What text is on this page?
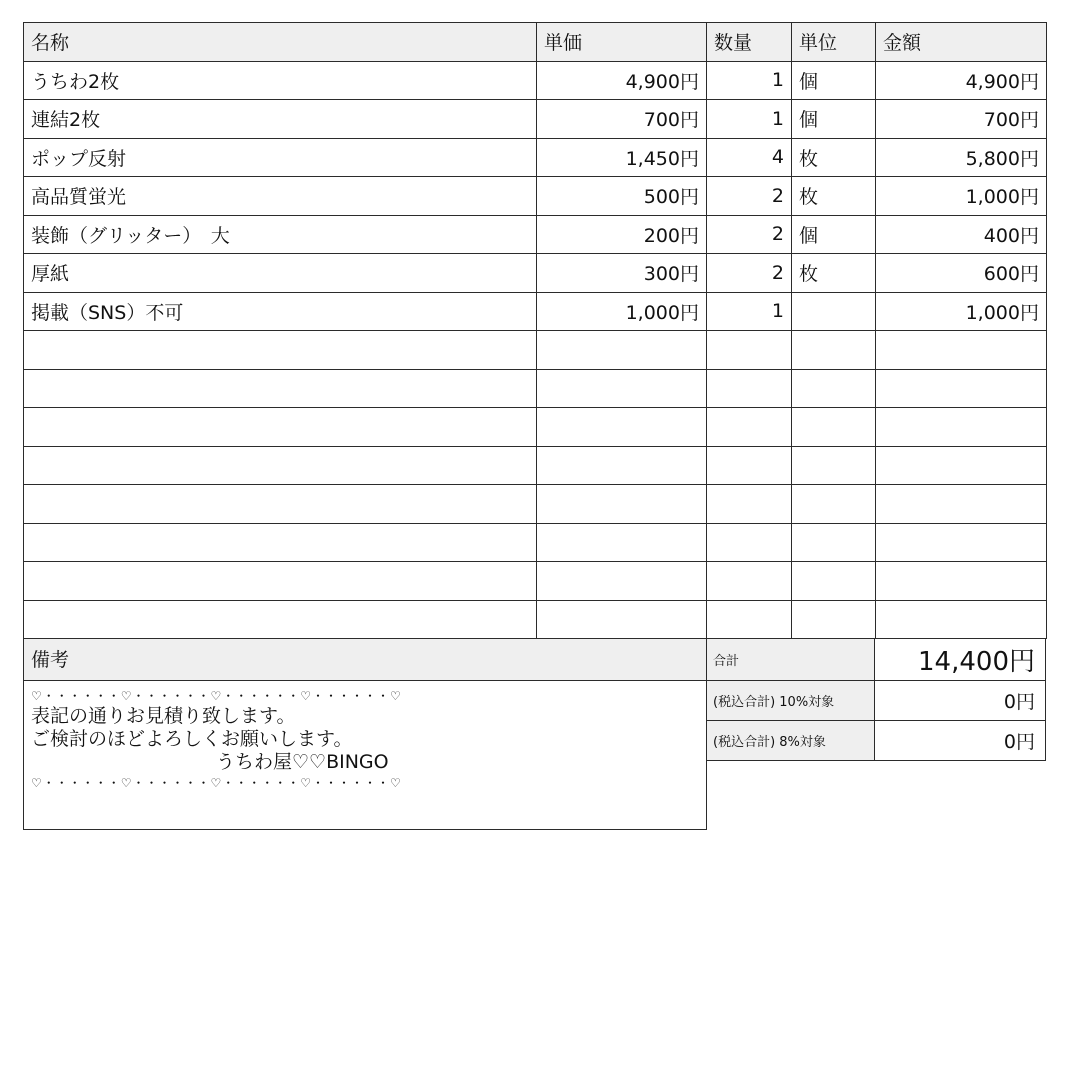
名称	単価	数量	単位	金額
うちわ2枚	4,900円	1	個	4,900円
連結2枚	700円	1	個	700円
ポップ反射	1,450円	4	枚	5,800円
高品質蛍光	500円	2	枚	1,000円
装飾（グリッター）　大	200円	2	個	400円
厚紙	300円	2	枚	600円
掲載（SNS）不可	1,000円	1		1,000円

備考
♡・・・・・・♡・・・・・・♡・・・・・・♡・・・・・・♡
表記の通りお見積り致します。
ご検討のほどよろしくお願いします。
うちわ屋♡♡BINGO
♡・・・・・・♡・・・・・・♡・・・・・・♡・・・・・・♡
合計	14,400円
(税込合計) 10%対象	0円
(税込合計) 8%対象	0円
